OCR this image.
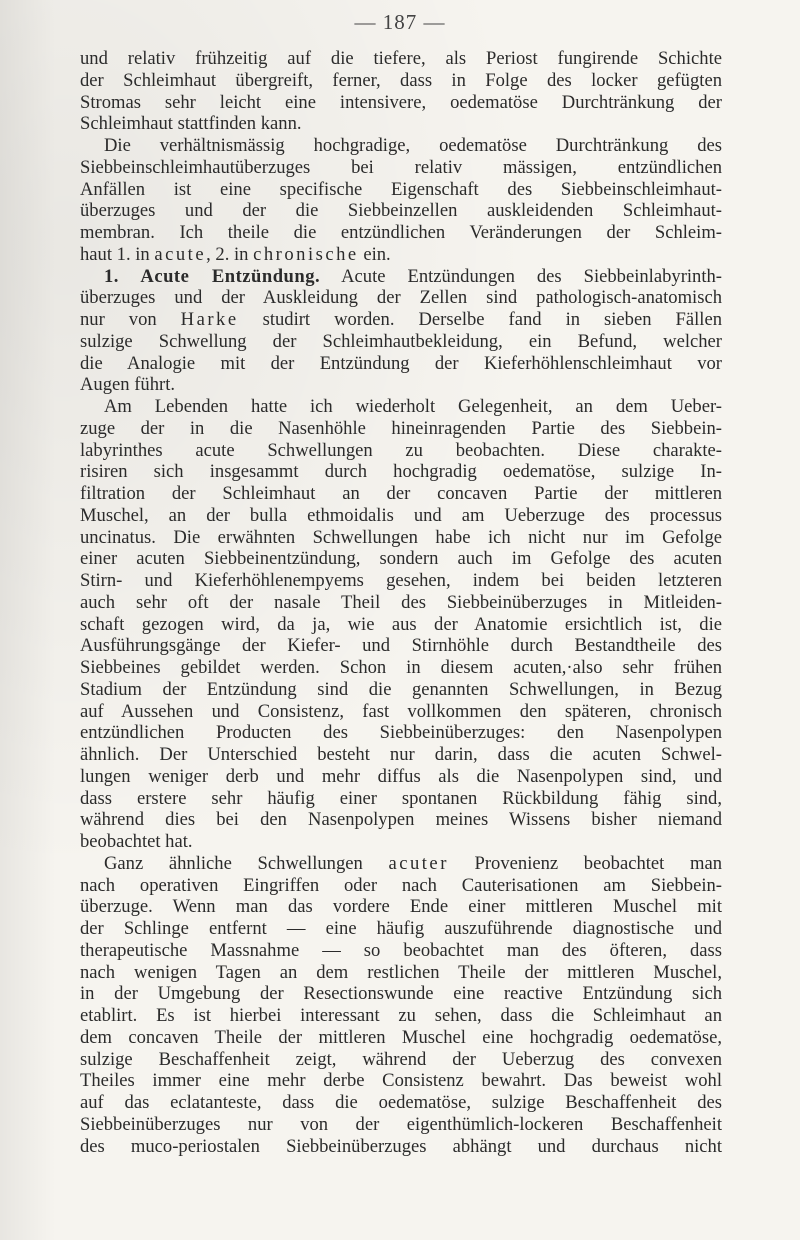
— 187 —

und relativ frühzeitig auf die tiefere, als Periost fungirende Schichte

der Schleimhaut übergreift, ferner, dass in Folge des locker gefügten

Stromas sehr leicht eine intensivere, oedematöse Durchtränkung der

Schleimhaut stattfinden kann.

Die verhältnismässig hochgradige, oedematöse Durchtränkung des

Siebbeinschleimhautüberzuges bei relativ mässigen, entzündlichen

Anfällen ist eine specifische Eigenschaft des Siebbeinschleimhaut-

überzuges und der die Siebbeinzellen auskleidenden Schleimhaut-

membran. Ich theile die entzündlichen Veränderungen der Schleim-

haut 1. in acute, 2. in chronische ein.

1. Acute Entzündung. Acute Entzündungen des Siebbeinlabyrinth-

überzuges und der Auskleidung der Zellen sind pathologisch-anatomisch

nur von Harke studirt worden. Derselbe fand in sieben Fällen

sulzige Schwellung der Schleimhautbekleidung, ein Befund, welcher

die Analogie mit der Entzündung der Kieferhöhlenschleimhaut vor

Augen führt.

Am Lebenden hatte ich wiederholt Gelegenheit, an dem Ueber-

zuge der in die Nasenhöhle hineinragenden Partie des Siebbein-

labyrinthes acute Schwellungen zu beobachten. Diese charakte-

risiren sich insgesammt durch hochgradig oedematöse, sulzige In-

filtration der Schleimhaut an der concaven Partie der mittleren

Muschel, an der bulla ethmoidalis und am Ueberzuge des processus

uncinatus. Die erwähnten Schwellungen habe ich nicht nur im Gefolge

einer acuten Siebbeinentzündung, sondern auch im Gefolge des acuten

Stirn- und Kieferhöhlenempyems gesehen, indem bei beiden letzteren

auch sehr oft der nasale Theil des Siebbeinüberzuges in Mitleiden-

schaft gezogen wird, da ja, wie aus der Anatomie ersichtlich ist, die

Ausführungsgänge der Kiefer- und Stirnhöhle durch Bestandtheile des

Siebbeines gebildet werden. Schon in diesem acuten,·also sehr frühen

Stadium der Entzündung sind die genannten Schwellungen, in Bezug

auf Aussehen und Consistenz, fast vollkommen den späteren, chronisch

entzündlichen Producten des Siebbeinüberzuges: den Nasenpolypen

ähnlich. Der Unterschied besteht nur darin, dass die acuten Schwel-

lungen weniger derb und mehr diffus als die Nasenpolypen sind, und

dass erstere sehr häufig einer spontanen Rückbildung fähig sind,

während dies bei den Nasenpolypen meines Wissens bisher niemand

beobachtet hat.

Ganz ähnliche Schwellungen acuter Provenienz beobachtet man

nach operativen Eingriffen oder nach Cauterisationen am Siebbein-

überzuge. Wenn man das vordere Ende einer mittleren Muschel mit

der Schlinge entfernt — eine häufig auszuführende diagnostische und

therapeutische Massnahme — so beobachtet man des öfteren, dass

nach wenigen Tagen an dem restlichen Theile der mittleren Muschel,

in der Umgebung der Resectionswunde eine reactive Entzündung sich

etablirt. Es ist hierbei interessant zu sehen, dass die Schleimhaut an

dem concaven Theile der mittleren Muschel eine hochgradig oedematöse,

sulzige Beschaffenheit zeigt, während der Ueberzug des convexen

Theiles immer eine mehr derbe Consistenz bewahrt. Das beweist wohl

auf das eclatanteste, dass die oedematöse, sulzige Beschaffenheit des

Siebbeinüberzuges nur von der eigenthümlich-lockeren Beschaffenheit

des muco-periostalen Siebbeinüberzuges abhängt und durchaus nicht
